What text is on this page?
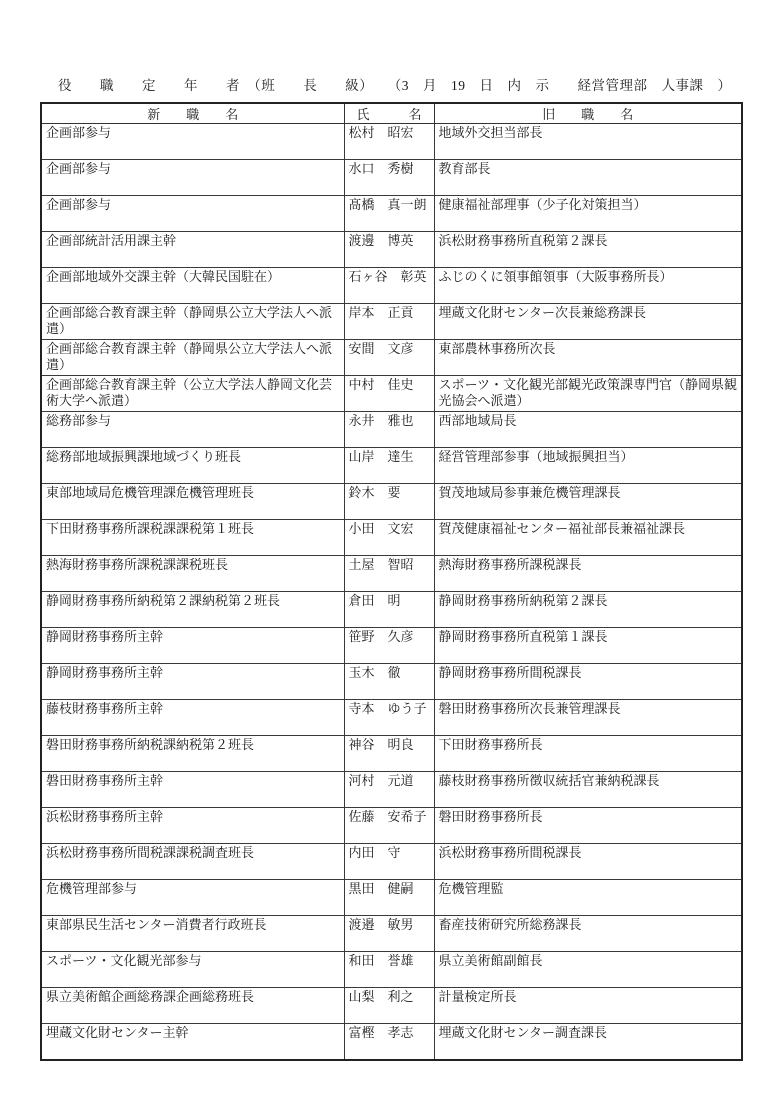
役　　職　　定　　年　　者　（班　　長　　級）　　（3　月　19　日　内　示　　経営管理部　人事課　）
新　　職　　名	氏　　　名	旧　　職　　名
企画部参与	松村　昭宏	地域外交担当部長
企画部参与	水口　秀樹	教育部長
企画部参与	髙橋　真一朗	健康福祉部理事（少子化対策担当）
企画部統計活用課主幹	渡邊　博英	浜松財務事務所直税第２課長
企画部地域外交課主幹（大韓民国駐在）	石ヶ谷　彰英	ふじのくに領事館領事（大阪事務所長）
企画部総合教育課主幹（静岡県公立大学法人へ派遣）	岸本　正貢	埋蔵文化財センター次長兼総務課長
企画部総合教育課主幹（静岡県公立大学法人へ派遣）	安間　文彦	東部農林事務所次長
企画部総合教育課主幹（公立大学法人静岡文化芸術大学へ派遣）	中村　佳史	スポーツ・文化観光部観光政策課専門官（静岡県観光協会へ派遣）
総務部参与	永井　雅也	西部地域局長
総務部地域振興課地域づくり班長	山岸　達生	経営管理部参事（地域振興担当）
東部地域局危機管理課危機管理班長	鈴木　要	賀茂地域局参事兼危機管理課長
下田財務事務所課税課課税第１班長	小田　文宏	賀茂健康福祉センター福祉部長兼福祉課長
熱海財務事務所課税課課税班長	土屋　智昭	熱海財務事務所課税課長
静岡財務事務所納税第２課納税第２班長	倉田　明	静岡財務事務所納税第２課長
静岡財務事務所主幹	笹野　久彦	静岡財務事務所直税第１課長
静岡財務事務所主幹	玉木　徹	静岡財務事務所間税課長
藤枝財務事務所主幹	寺本　ゆう子	磐田財務事務所次長兼管理課長
磐田財務事務所納税課納税第２班長	神谷　明良	下田財務事務所長
磐田財務事務所主幹	河村　元道	藤枝財務事務所徴収統括官兼納税課長
浜松財務事務所主幹	佐藤　安希子	磐田財務事務所長
浜松財務事務所間税課課税調査班長	内田　守	浜松財務事務所間税課長
危機管理部参与	黒田　健嗣	危機管理監
東部県民生活センター消費者行政班長	渡邉　敏男	畜産技術研究所総務課長
スポーツ・文化観光部参与	和田　誉雄	県立美術館副館長
県立美術館企画総務課企画総務班長	山梨　利之	計量検定所長
埋蔵文化財センター主幹	富樫　孝志	埋蔵文化財センター調査課長
